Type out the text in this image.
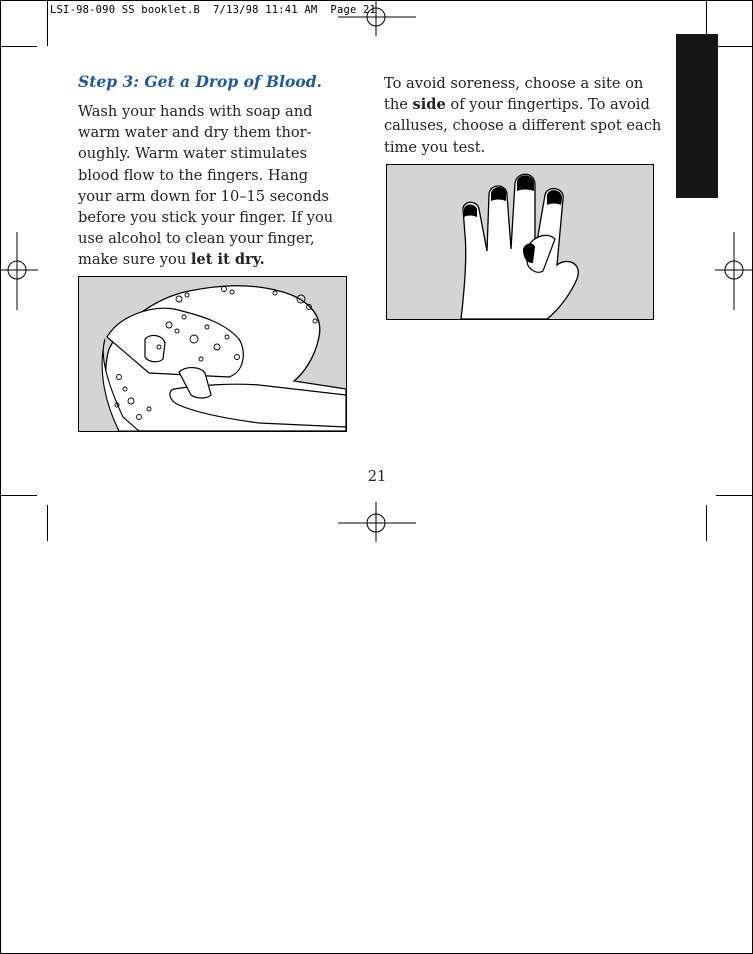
LSI-98-090 SS booklet.B  7/13/98 11:41 AM  Page 21
Step 3: Get a Drop of Blood.
Wash your hands with soap and
warm water and dry them thor-
oughly. Warm water stimulates
blood flow to the fingers. Hang
your arm down for 10–15 seconds
before you stick your finger. If you
use alcohol to clean your finger,
make sure you let it dry.
To avoid soreness, choose a site on
the side of your fingertips. To avoid
calluses, choose a different spot each
time you test.
21
